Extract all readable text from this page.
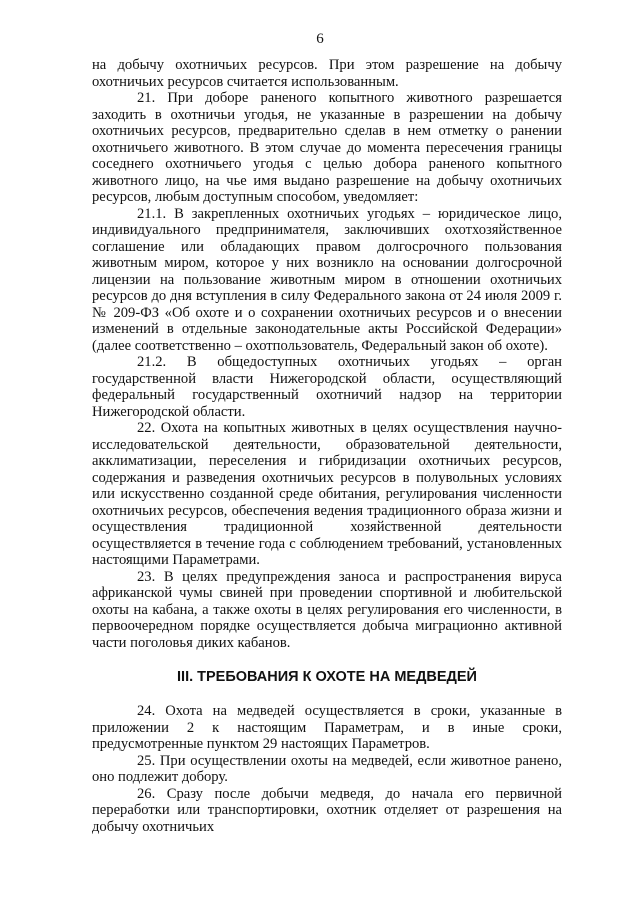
6

на добычу охотничьих ресурсов. При этом разрешение на добычу охотничьих ресурсов считается использованным.

21. При доборе раненого копытного животного разрешается заходить в охотничьи угодья, не указанные в разрешении на добычу охотничьих ресурсов, предварительно сделав в нем отметку о ранении охотничьего животного. В этом случае до момента пересечения границы соседнего охотничьего угодья с целью добора раненого копытного животного лицо, на чье имя выдано разрешение на добычу охотничьих ресурсов, любым доступным способом, уведомляет:

21.1. В закрепленных охотничьих угодьях – юридическое лицо, индивидуального предпринимателя, заключивших охотхозяйственное соглашение или обладающих правом долгосрочного пользования животным миром, которое у них возникло на основании долгосрочной лицензии на пользование животным миром в отношении охотничьих ресурсов до дня вступления в силу Федерального закона от 24 июля 2009 г. № 209-ФЗ «Об охоте и о сохранении охотничьих ресурсов и о внесении изменений в отдельные законодательные акты Российской Федерации» (далее соответственно – охотпользователь, Федеральный закон об охоте).

21.2. В общедоступных охотничьих угодьях – орган государственной власти Нижегородской области, осуществляющий федеральный государственный охотничий надзор на территории Нижегородской области.

22. Охота на копытных животных в целях осуществления научно-исследовательской деятельности, образовательной деятельности, акклиматизации, переселения и гибридизации охотничьих ресурсов, содержания и разведения охотничьих ресурсов в полувольных условиях или искусственно созданной среде обитания, регулирования численности охотничьих ресурсов, обеспечения ведения традиционного образа жизни и осуществления традиционной хозяйственной деятельности осуществляется в течение года с соблюдением требований, установленных настоящими Параметрами.

23. В целях предупреждения заноса и распространения вируса африканской чумы свиней при проведении спортивной и любительской охоты на кабана, а также охоты в целях регулирования его численности, в первоочередном порядке осуществляется добыча миграционно активной части поголовья диких кабанов.

III. ТРЕБОВАНИЯ К ОХОТЕ НА МЕДВЕДЕЙ

24. Охота на медведей осуществляется в сроки, указанные в приложении 2 к настоящим Параметрам, и в иные сроки, предусмотренные пунктом 29 настоящих Параметров.

25. При осуществлении охоты на медведей, если животное ранено, оно подлежит добору.

26. Сразу после добычи медведя, до начала его первичной переработки или транспортировки, охотник отделяет от разрешения на добычу охотничьих
